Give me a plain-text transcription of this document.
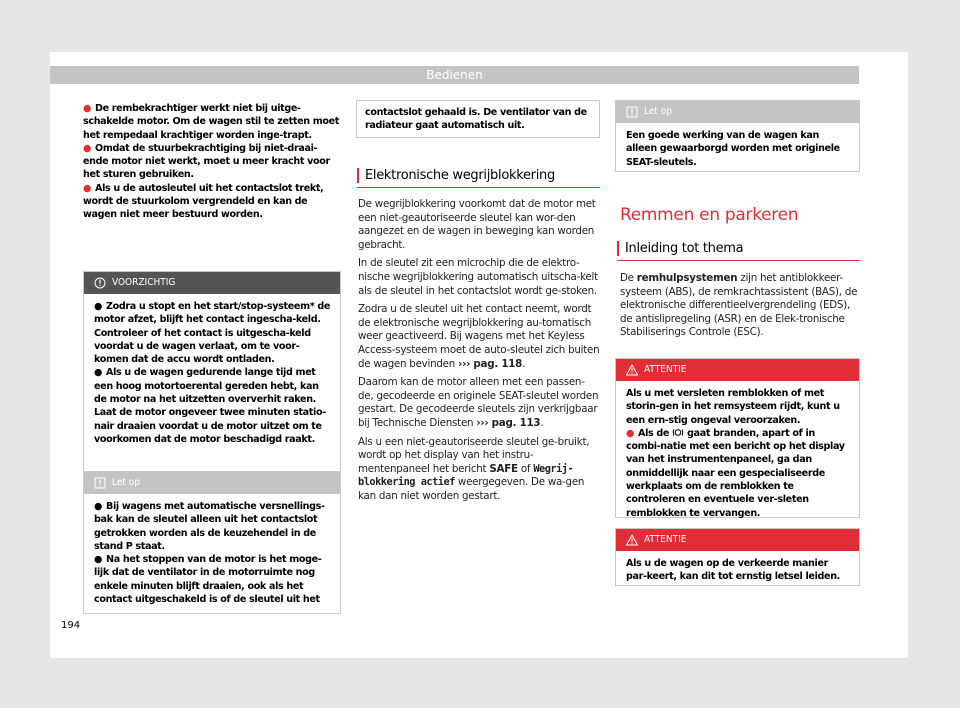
Bedienen

● De rembekrachtiger werkt niet bij uitge-schakelde motor. Om de wagen stil te zetten moet het rempedaal krachtiger worden inge-trapt.

● Omdat de stuurbekrachtiging bij niet-draai-ende motor niet werkt, moet u meer kracht voor het sturen gebruiken.

● Als u de autosleutel uit het contactslot trekt, wordt de stuurkolom vergrendeld en kan de wagen niet meer bestuurd worden.

VOORZICHTIG

● Zodra u stopt en het start/stop-systeem* de motor afzet, blijft het contact ingescha-keld. Controleer of het contact is uitgescha-keld voordat u de wagen verlaat, om te voor-komen dat de accu wordt ontladen.

● Als u de wagen gedurende lange tijd met een hoog motortoerental gereden hebt, kan de motor na het uitzetten oververhit raken. Laat de motor ongeveer twee minuten statio-nair draaien voordat u de motor uitzet om te voorkomen dat de motor beschadigd raakt.

Let op

● Bij wagens met automatische versnellings-bak kan de sleutel alleen uit het contactslot getrokken worden als de keuzehendel in de stand P staat.

● Na het stoppen van de motor is het moge-lijk dat de ventilator in de motorruimte nog enkele minuten blijft draaien, ook als het contact uitgeschakeld is of de sleutel uit het

contactslot gehaald is. De ventilator van de radiateur gaat automatisch uit.

Elektronische wegrijblokkering

De wegrijblokkering voorkomt dat de motor met een niet-geautoriseerde sleutel kan wor-den aangezet en de wagen in beweging kan worden gebracht.

In de sleutel zit een microchip die de elektro-nische wegrijblokkering automatisch uitscha-kelt als de sleutel in het contactslot wordt ge-stoken.

Zodra u de sleutel uit het contact neemt, wordt de elektronische wegrijblokkering au-tomatisch weer geactiveerd. Bij wagens met het Keyless Access-systeem moet de auto-sleutel zich buiten de wagen bevinden ››› pag. 118.

Daarom kan de motor alleen met een passen-de, gecodeerde en originele SEAT-sleutel worden gestart. De gecodeerde sleutels zijn verkrijgbaar bij Technische Diensten ››› pag. 113.

Als u een niet-geautoriseerde sleutel ge-bruikt, wordt op het display van het instru-mentenpaneel het bericht SAFE of Wegrij-blokkering actief weergegeven. De wa-gen kan dan niet worden gestart.

Let op

Een goede werking van de wagen kan alleen gewaarborgd worden met originele SEAT-sleutels.

Remmen en parkeren
Inleiding tot thema

De remhulpsystemen zijn het antiblokkeer-systeem (ABS), de remkrachtassistent (BAS), de elektronische differentieelvergrendeling (EDS), de antislipregeling (ASR) en de Elek-tronische Stabiliserings Controle (ESC).

ATTENTIE

Als u met versleten remblokken of met storin-gen in het remsysteem rijdt, kunt u een ern-stig ongeval veroorzaken.

● Als de gaat branden, apart of in combi-natie met een bericht op het display van het instrumentenpaneel, ga dan onmiddellijk naar een gespecialiseerde werkplaats om de remblokken te controleren en eventuele ver-sleten remblokken te vervangen.

ATTENTIE

Als u de wagen op de verkeerde manier par-keert, kan dit tot ernstig letsel leiden.

194
